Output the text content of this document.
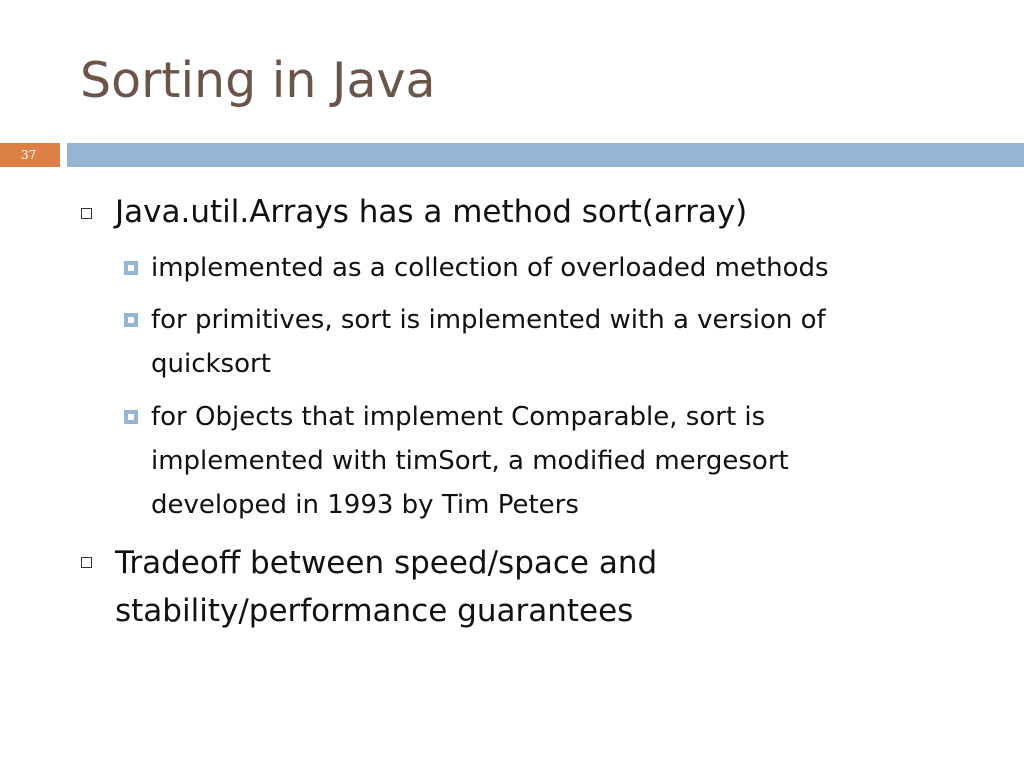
Sorting in Java
37
Java.util.Arrays has a method sort(array)
implemented as a collection of overloaded methods
for primitives, sort is implemented with a version of
quicksort
for Objects that implement Comparable, sort is
implemented with timSort, a modified mergesort
developed in 1993 by Tim Peters
Tradeoff between speed/space and
stability/performance guarantees
